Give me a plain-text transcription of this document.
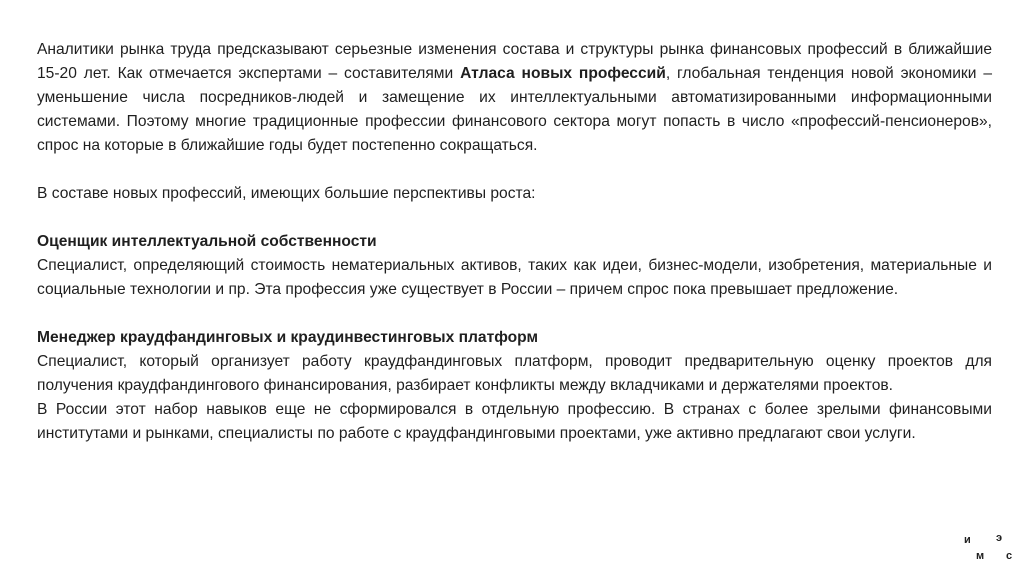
Аналитики рынка труда предсказывают серьезные изменения состава и структуры рынка финансовых профессий в ближайшие 15-20 лет. Как отмечается экспертами – составителями Атласа новых профессий, глобальная тенденция новой экономики – уменьшение числа посредников-людей и замещение их интеллектуальными автоматизированными информационными системами. Поэтому многие традиционные профессии финансового сектора могут попасть в число «профессий-пенсионеров», спрос на которые в ближайшие годы будет постепенно сокращаться.

В составе новых профессий, имеющих большие перспективы роста:

Оценщик интеллектуальной собственности

Специалист, определяющий стоимость нематериальных активов, таких как идеи, бизнес-модели, изобретения, материальные и социальные технологии и пр. Эта профессия уже существует в России – причем спрос пока превышает предложение.

Менеджер краудфандинговых и краудинвестинговых платформ

Специалист, который организует работу краудфандинговых платформ, проводит предварительную оценку проектов для получения краудфандингового финансирования, разбирает конфликты между вкладчиками и держателями проектов.

В России этот набор навыков еще не сформировался в отдельную профессию. В странах с более зрелыми финансовыми институтами и рынками, специалисты по работе с краудфандинговыми проектами, уже активно предлагают свои услуги.

и э
м с
